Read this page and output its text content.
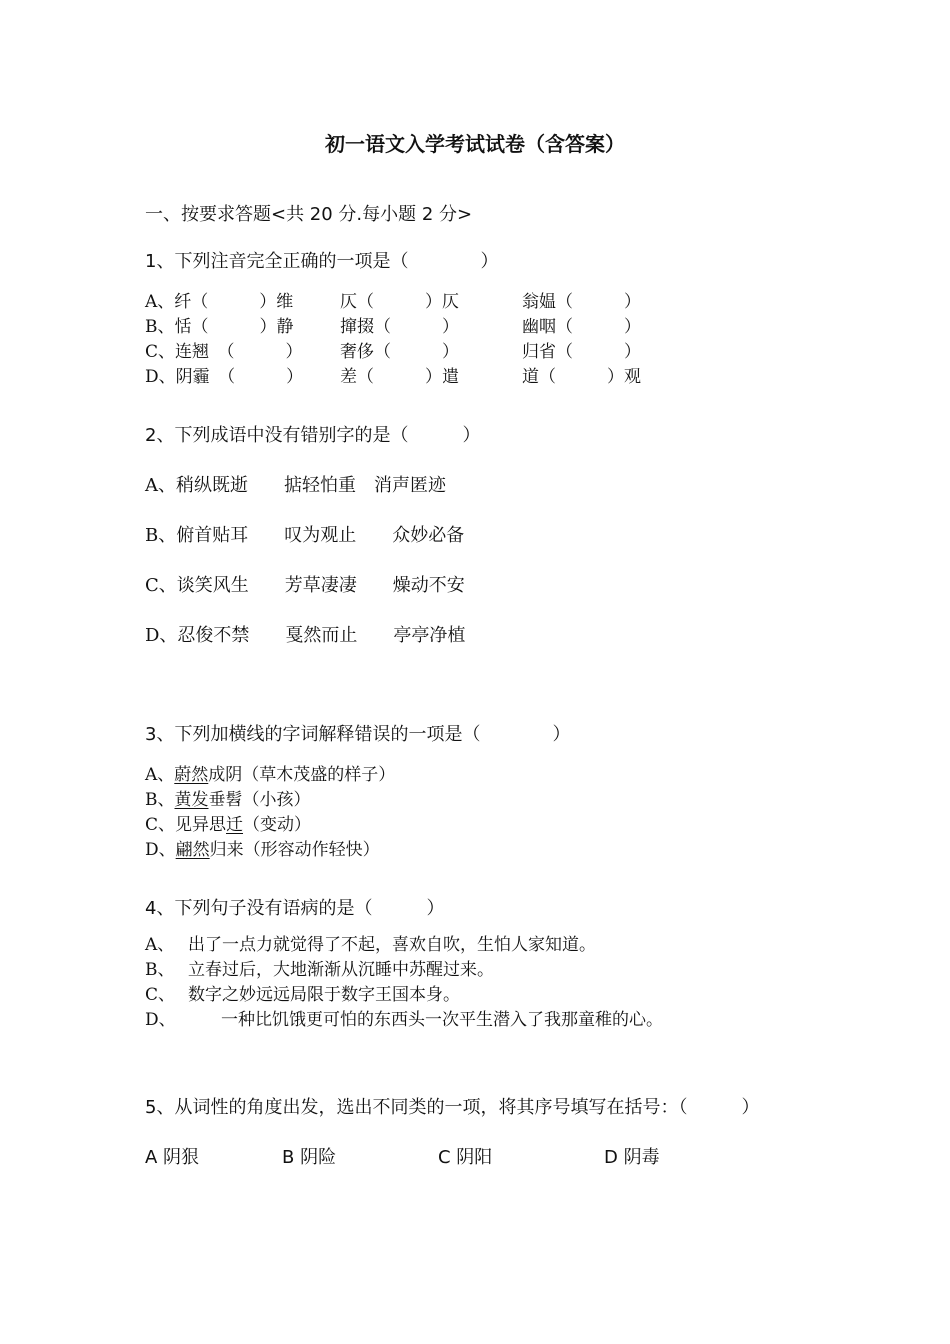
初一语文入学考试试卷（含答案）
一、按要求答题<共 20 分.每小题 2 分>
1、下列注音完全正确的一项是（　　　　）
A、纤（　　　）维	仄（　　　）仄	翁媪（　　　）
B、恬（　　　）静	撺掇（　　　）	幽咽（　　　）
C、连翘　（　　　） 奢侈（　　　）	归省（　　　）
D、阴霾　（　　　） 差（　　　）遣	道（　　　）观
2、下列成语中没有错别字的是（　　　）
A、稍纵既逝　　掂轻怕重　消声匿迹
B、俯首贴耳　　叹为观止　　众妙必备
C、谈笑风生　　芳草凄凄　　燥动不安
D、忍俊不禁　　戛然而止　　亭亭净植
3、下列加横线的字词解释错误的一项是（　　　　）
A、蔚然成阴（草木茂盛的样子）
B、黄发垂髫（小孩）
C、见异思迁（变动）
D、翩然归来（形容动作轻快）
4、下列句子没有语病的是（　　　）
A、 出了一点力就觉得了不起，喜欢自吹，生怕人家知道。
B、 立春过后，大地渐渐从沉睡中苏醒过来。
C、 数字之妙远远局限于数字王国本身。
D、	一种比饥饿更可怕的东西头一次平生潜入了我那童稚的心。
5、从词性的角度出发，选出不同类的一项，将其序号填写在括号：（　　　）
A 阴狠	B 阴险	C 阴阳	D 阴毒
